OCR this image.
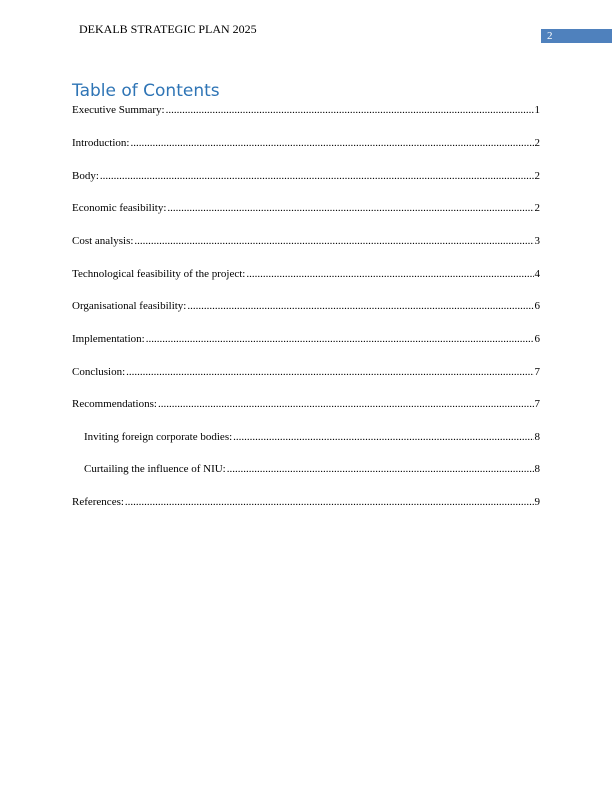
DEKALB STRATEGIC PLAN 2025	2
Table of Contents
Executive Summary: .....	1
Introduction: .....	2
Body: .....	2
Economic feasibility: .....	2
Cost analysis: .....	3
Technological feasibility of the project: .....	4
Organisational feasibility: .....	6
Implementation: .....	6
Conclusion: .....	7
Recommendations: .....	7
Inviting foreign corporate bodies: .....	8
Curtailing the influence of NIU: .....	8
References: .....	9
